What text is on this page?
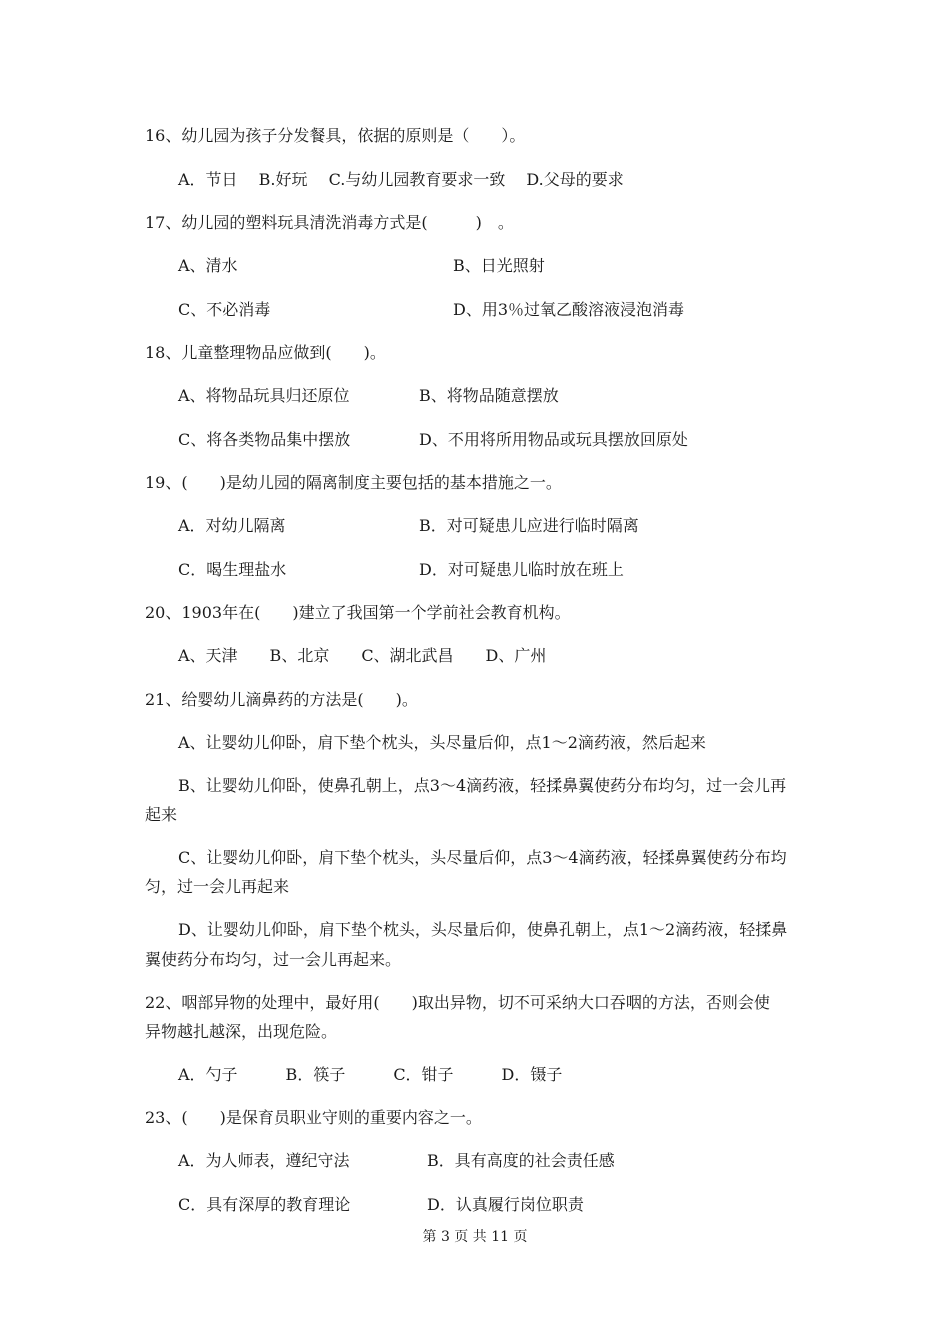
16、幼儿园为孩子分发餐具，依据的原则是（　　）。
A．节日　 B.好玩　 C.与幼儿园教育要求一致　 D.父母的要求
17、幼儿园的塑料玩具清洗消毒方式是(　　　)　。
A、清水	B、日光照射
C、不必消毒	D、用3％过氧乙酸溶液浸泡消毒
18、儿童整理物品应做到(　　)。
A、将物品玩具归还原位	B、将物品随意摆放
C、将各类物品集中摆放	D、不用将所用物品或玩具摆放回原处
19、(　　)是幼儿园的隔离制度主要包括的基本措施之一。
A．对幼儿隔离	B．对可疑患儿应进行临时隔离
C．喝生理盐水	D．对可疑患儿临时放在班上
20、1903年在(　　)建立了我国第一个学前社会教育机构。
A、天津　　B、北京　　C、湖北武昌　　D、广州
21、给婴幼儿滴鼻药的方法是(　　)。
A、让婴幼儿仰卧，肩下垫个枕头，头尽量后仰，点1～2滴药液，然后起来
B、让婴幼儿仰卧，使鼻孔朝上，点3～4滴药液，轻揉鼻翼使药分布均匀，过一会儿再
起来
C、让婴幼儿仰卧，肩下垫个枕头，头尽量后仰，点3～4滴药液，轻揉鼻翼使药分布均
匀，过一会儿再起来
D、让婴幼儿仰卧，肩下垫个枕头，头尽量后仰，使鼻孔朝上，点1～2滴药液，轻揉鼻
翼使药分布均匀，过一会儿再起来。
22、咽部异物的处理中，最好用(　　)取出异物，切不可采纳大口吞咽的方法，否则会使
异物越扎越深，出现危险。
A．勺子　　　B．筷子　　　C．钳子　　　D．镊子
23、(　　)是保育员职业守则的重要内容之一。
A．为人师表，遵纪守法	B．具有高度的社会责任感
C．具有深厚的教育理论	D．认真履行岗位职责
第 3 页 共 11 页
